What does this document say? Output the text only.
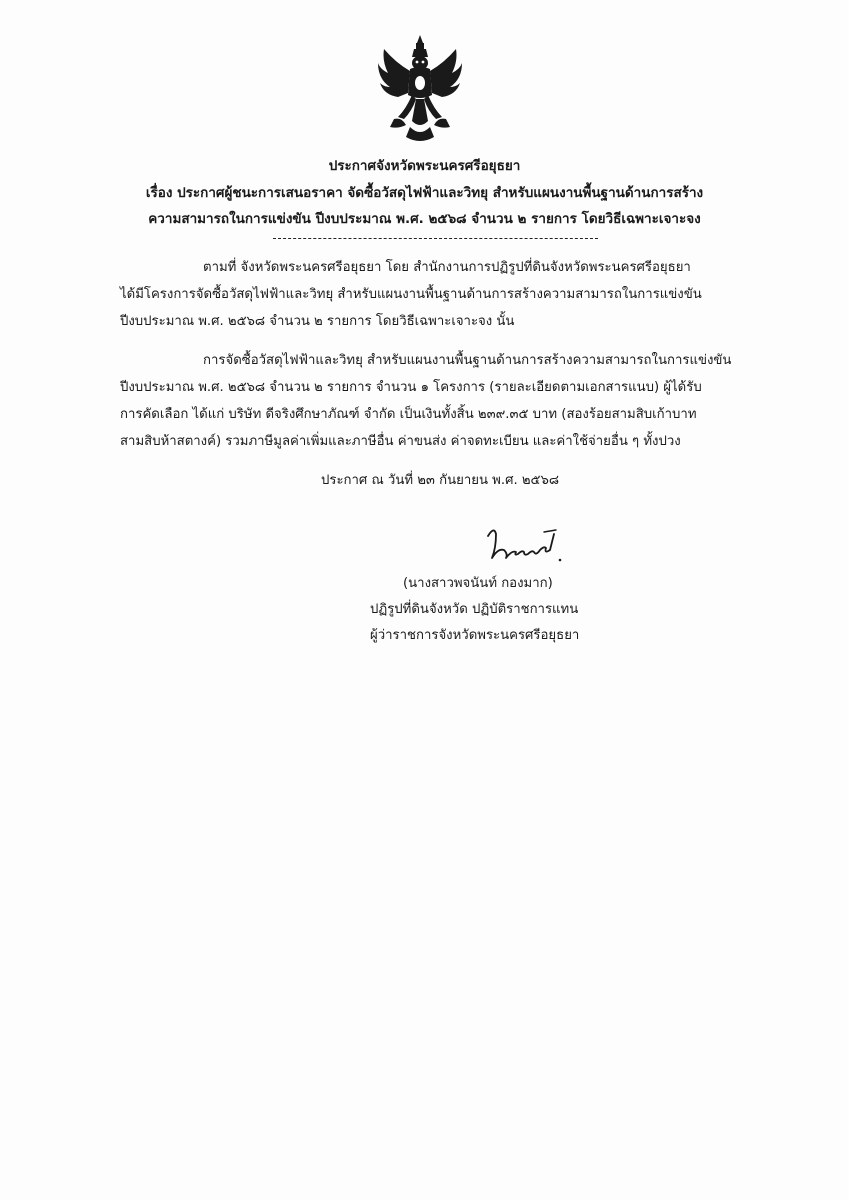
ประกาศจังหวัดพระนครศรีอยุธยา
เรื่อง ประกาศผู้ชนะการเสนอราคา จัดซื้อวัสดุไฟฟ้าและวิทยุ สำหรับแผนงานพื้นฐานด้านการสร้าง
ความสามารถในการแข่งขัน ปีงบประมาณ พ.ศ. ๒๕๖๘ จำนวน ๒ รายการ โดยวิธีเฉพาะเจาะจง
ตามที่ จังหวัดพระนครศรีอยุธยา โดย สำนักงานการปฏิรูปที่ดินจังหวัดพระนครศรีอยุธยา
ได้มีโครงการจัดซื้อวัสดุไฟฟ้าและวิทยุ สำหรับแผนงานพื้นฐานด้านการสร้างความสามารถในการแข่งขัน
ปีงบประมาณ พ.ศ. ๒๕๖๘ จำนวน ๒ รายการ โดยวิธีเฉพาะเจาะจง นั้น
การจัดซื้อวัสดุไฟฟ้าและวิทยุ สำหรับแผนงานพื้นฐานด้านการสร้างความสามารถในการแข่งขัน
ปีงบประมาณ พ.ศ. ๒๕๖๘ จำนวน ๒ รายการ จำนวน ๑ โครงการ (รายละเอียดตามเอกสารแนบ) ผู้ได้รับ
การคัดเลือก ได้แก่ บริษัท ดีจริงศึกษาภัณฑ์ จำกัด เป็นเงินทั้งสิ้น ๒๓๙.๓๕ บาท (สองร้อยสามสิบเก้าบาท
สามสิบห้าสตางค์) รวมภาษีมูลค่าเพิ่มและภาษีอื่น ค่าขนส่ง ค่าจดทะเบียน และค่าใช้จ่ายอื่น ๆ ทั้งปวง
ประกาศ ณ วันที่ ๒๓ กันยายน พ.ศ. ๒๕๖๘
(นางสาวพจนันท์ กองมาก)
ปฏิรูปที่ดินจังหวัด ปฏิบัติราชการแทน
ผู้ว่าราชการจังหวัดพระนครศรีอยุธยา
